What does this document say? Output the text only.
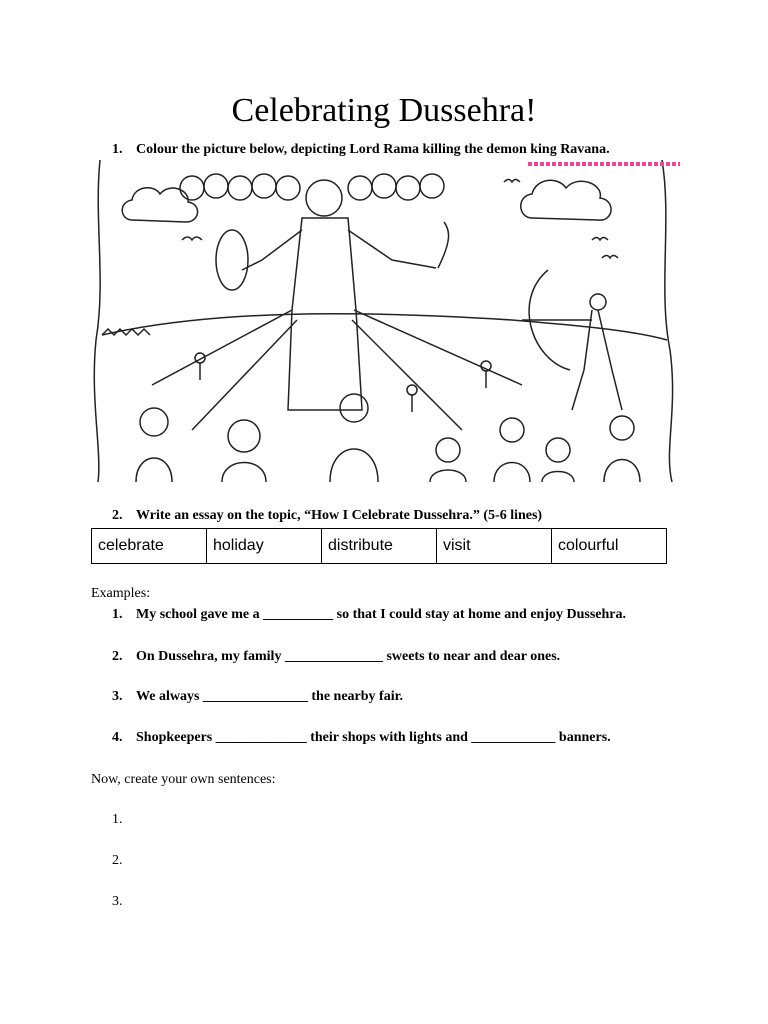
Celebrating Dussehra!
1. Colour the picture below, depicting Lord Rama killing the demon king Ravana.
2. Write an essay on the topic, “How I Celebrate Dussehra.” (5-6 lines)
celebrate	holiday	distribute	visit	colourful
Examples:
1. My school gave me a __________ so that I could stay at home and enjoy Dussehra.
2. On Dussehra, my family ______________ sweets to near and dear ones.
3. We always _______________ the nearby fair.
4. Shopkeepers _____________ their shops with lights and ____________ banners.
Now, create your own sentences:
1.
2.
3.
